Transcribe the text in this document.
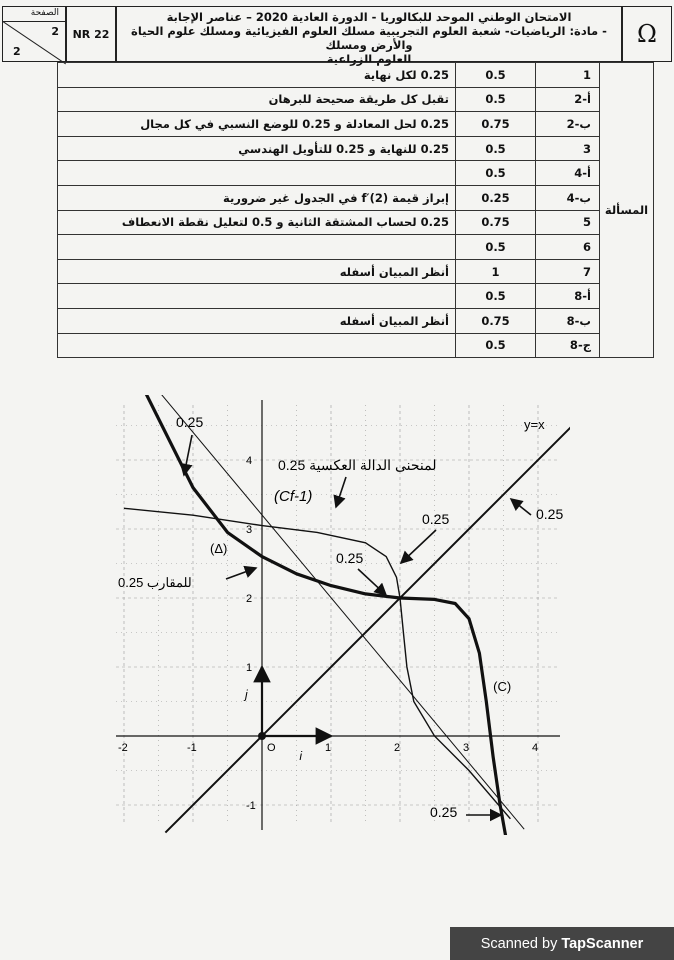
الصفحة
2
2
NR 22
الامتحان الوطني الموحد للبكالوريا - الدورة العادية 2020 – عناصر الإجابة
- مادة: الرياضيات- شعبة العلوم التجريبية مسلك العلوم الفيزيائية ومسلك علوم الحياة والأرض ومسلك
العلوم الزراعية
Ω
0.25 لكل نهاية	0.5	1	المسألة
تقبل كل طريقة صحيحة للبرهان	0.5	أ-2	
0.25 لحل المعادلة و 0.25 للوضع النسبي في كل مجال	0.75	ب-2	
0.25 للنهاية و 0.25 للتأويل الهندسي	0.5	3	
	0.5	أ-4	
إبراز قيمة f′(2) في الجدول غير ضرورية	0.25	ب-4	
0.25 لحساب المشتقة الثانية و 0.5 لتعليل نقطة الانعطاف	0.75	5	
	0.5	6	
أنظر المبيان أسفله	1	7	
	0.5	أ-8	
أنظر المبيان أسفله	0.75	ب-8	
	0.5	ج-8	
-2	-1	O	1	2	3	4
4
3
2
1
-1
i
j
y=x
(C)
(Cf-1)
(Δ)
0.25 لمنحنى الدالة العكسية
0.25 للمقارب
0.25
0.25
0.25
0.25
0.25
Scanned by TapScanner
